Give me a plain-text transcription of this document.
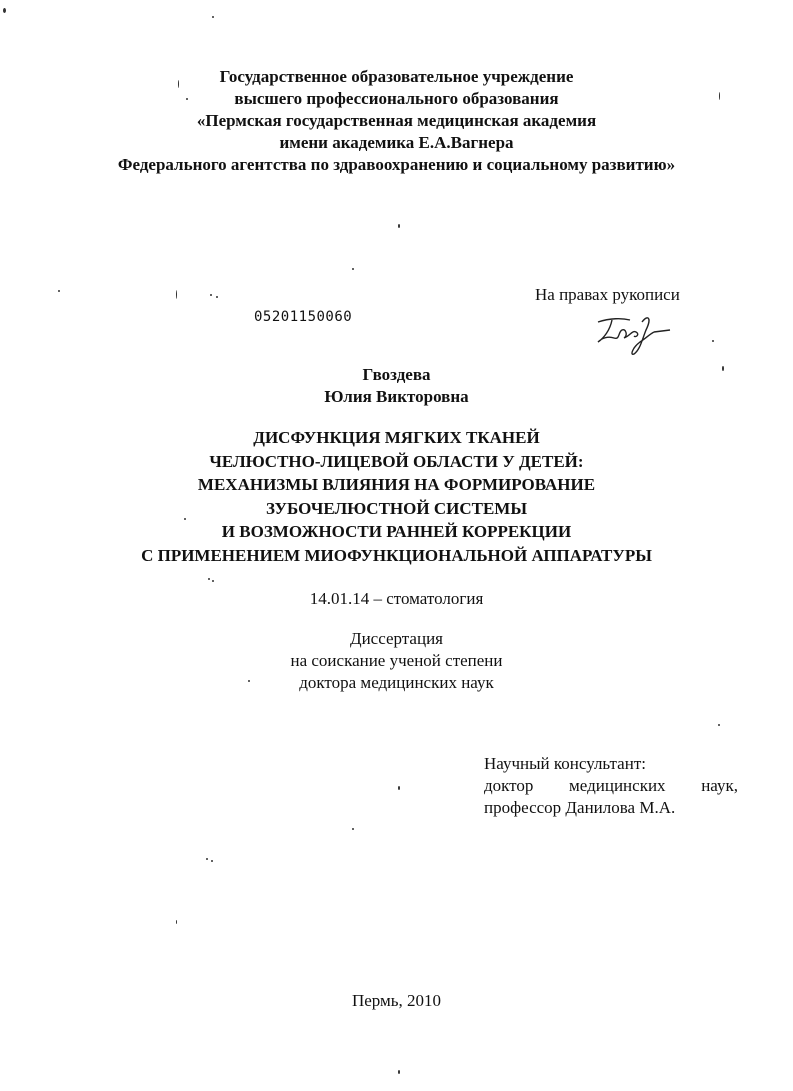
Государственное образовательное учреждение
высшего профессионального образования
«Пермская государственная медицинская академия
имени академика Е.А.Вагнера
Федерального агентства по здравоохранению и социальному развитию»
На правах рукописи
05201150060
Гвоздева
Юлия Викторовна
ДИСФУНКЦИЯ МЯГКИХ ТКАНЕЙ
ЧЕЛЮСТНО-ЛИЦЕВОЙ ОБЛАСТИ У ДЕТЕЙ:
МЕХАНИЗМЫ ВЛИЯНИЯ НА ФОРМИРОВАНИЕ
ЗУБОЧЕЛЮСТНОЙ СИСТЕМЫ
И ВОЗМОЖНОСТИ РАННЕЙ КОРРЕКЦИИ
С ПРИМЕНЕНИЕМ МИОФУНКЦИОНАЛЬНОЙ АППАРАТУРЫ
14.01.14 – стоматология
Диссертация
на соискание ученой степени
доктора медицинских наук
Научный консультант:
доктор медицинских наук,
профессор Данилова М.А.
Пермь, 2010
